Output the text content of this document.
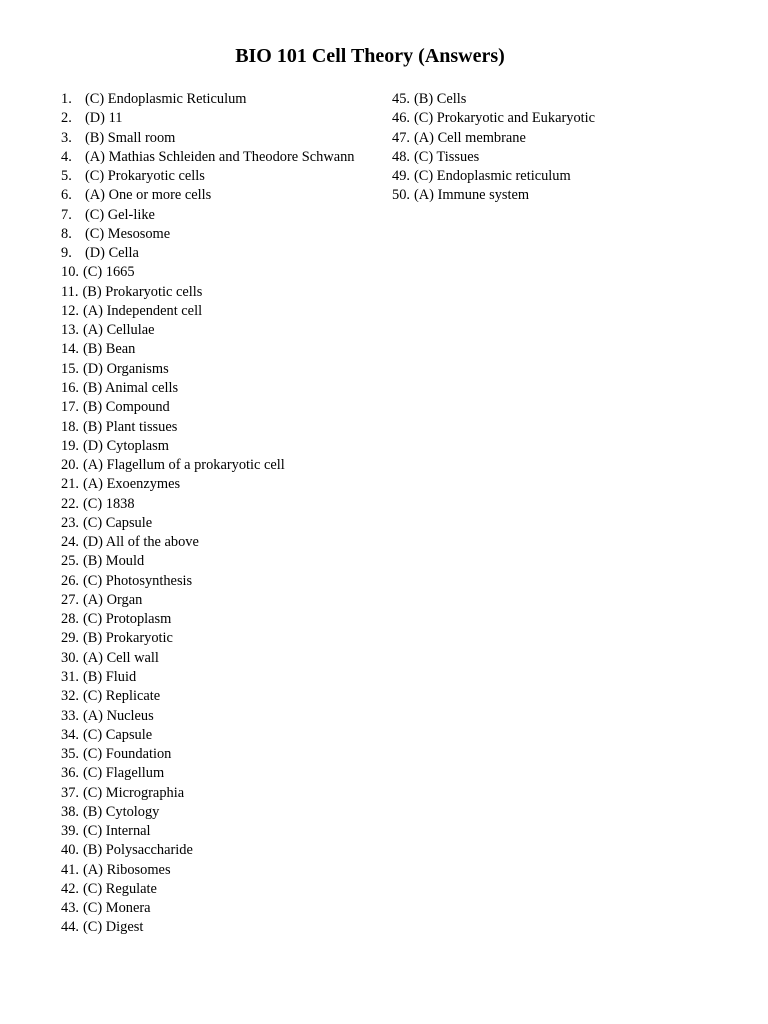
BIO 101 Cell Theory (Answers)
1. (C) Endoplasmic Reticulum
2. (D) 11
3. (B) Small room
4. (A) Mathias Schleiden and Theodore Schwann
5. (C) Prokaryotic cells
6. (A) One or more cells
7. (C) Gel-like
8. (C) Mesosome
9. (D) Cella
10. (C) 1665
11. (B) Prokaryotic cells
12. (A) Independent cell
13. (A) Cellulae
14. (B) Bean
15. (D) Organisms
16. (B) Animal cells
17. (B) Compound
18. (B) Plant tissues
19. (D) Cytoplasm
20. (A) Flagellum of a prokaryotic cell
21. (A) Exoenzymes
22. (C) 1838
23. (C) Capsule
24. (D) All of the above
25. (B) Mould
26. (C) Photosynthesis
27. (A) Organ
28. (C) Protoplasm
29. (B) Prokaryotic
30. (A) Cell wall
31. (B) Fluid
32. (C) Replicate
33. (A) Nucleus
34. (C) Capsule
35. (C) Foundation
36. (C) Flagellum
37. (C) Micrographia
38. (B) Cytology
39. (C) Internal
40. (B) Polysaccharide
41. (A) Ribosomes
42. (C) Regulate
43. (C) Monera
44. (C) Digest
45. (B) Cells
46. (C) Prokaryotic and Eukaryotic
47. (A) Cell membrane
48. (C) Tissues
49. (C) Endoplasmic reticulum
50. (A) Immune system
